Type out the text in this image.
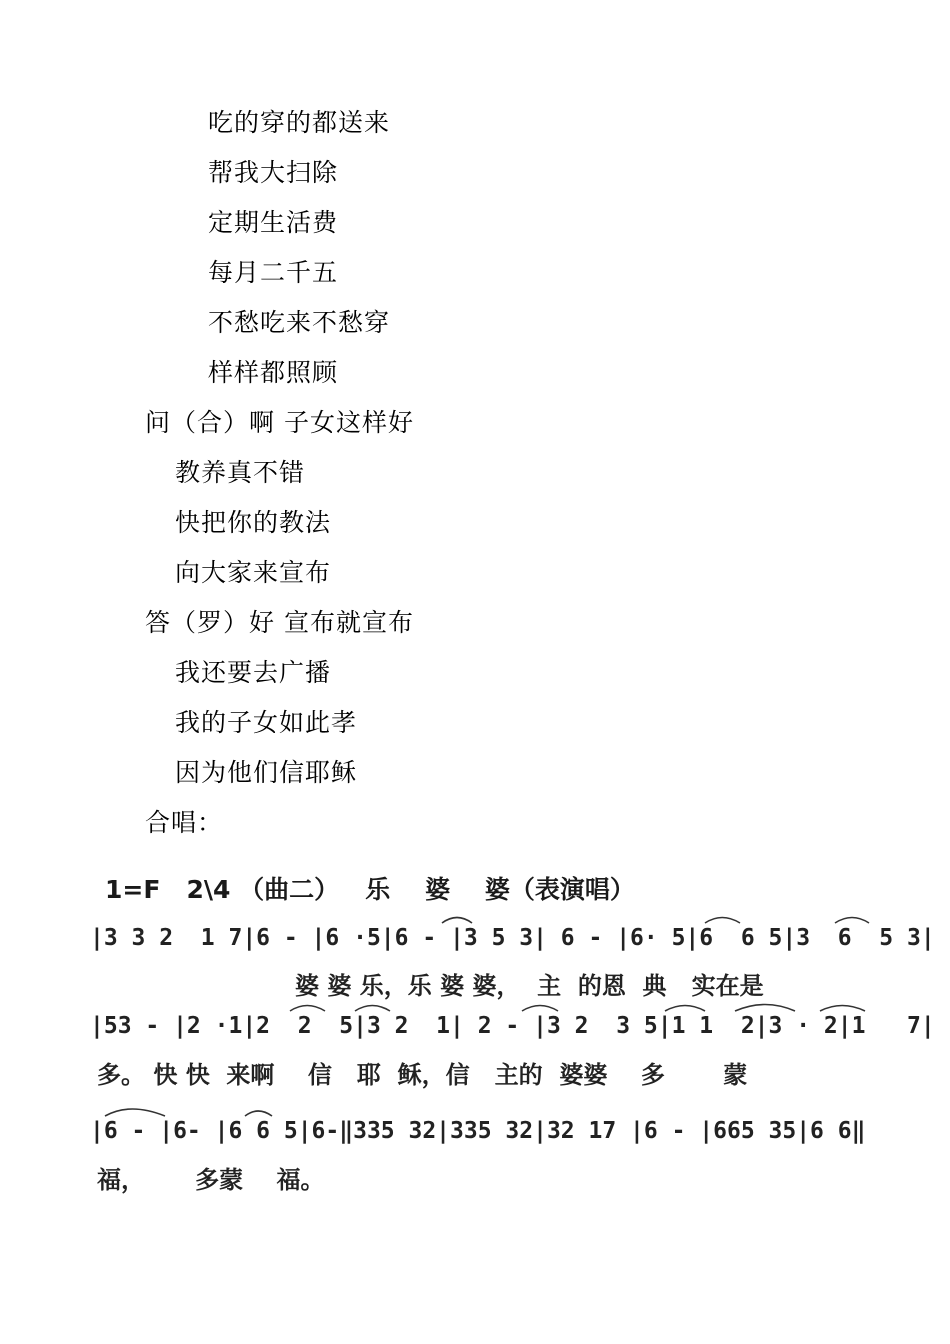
吃的穿的都送来
帮我大扫除
定期生活费
每月二千五
不愁吃来不愁穿
样样都照顾
问（合）啊 子女这样好
教养真不错
快把你的教法
向大家来宣布
答（罗）好 宣布就宣布
我还要去广播
我的子女如此孝
因为他们信耶稣
合唱：
1=F   2\4 （曲二）   乐    婆    婆（表演唱）
|3 3 2  1 7|6 - |6 ·5|6 - |3 5 3| 6 - |6· 5|6  6 5|3  6  5 3|
婆 婆 乐，乐 婆 婆，  主  的恩  典   实在是
|53 - |2 ·1|2  2  5|3 2  1| 2 - |3 2  3 5|1 1  2|3 · 2|1   7|
多。 快 快  来啊    信   耶  稣，信   主的  婆婆    多       蒙
|6 - |6- |6 6 5|6-‖335 32|335 32|32 17 |6 - |665 35|6 6‖
福，      多蒙    福。
